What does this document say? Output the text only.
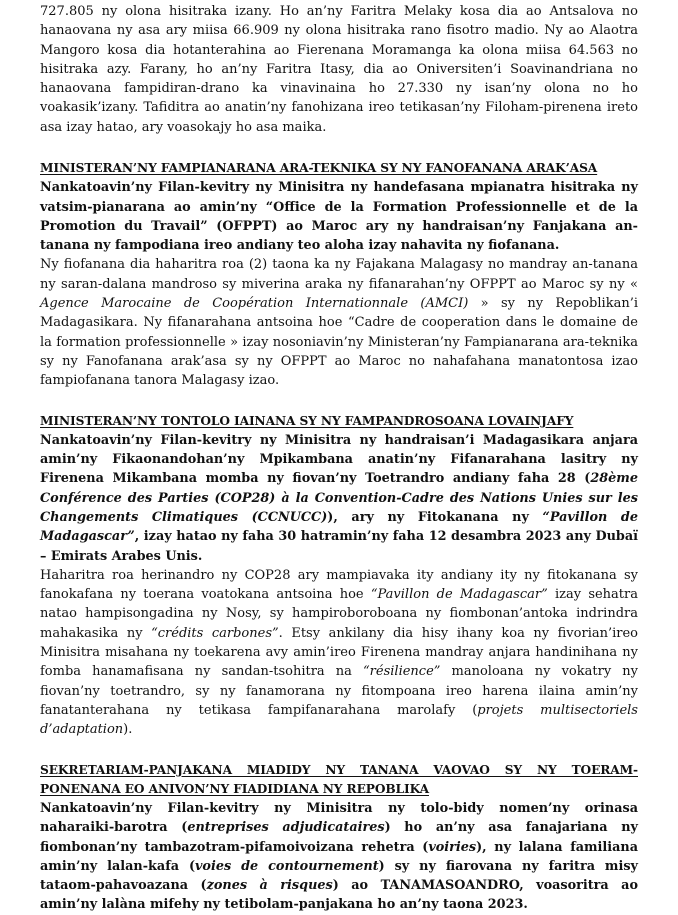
727.805 ny olona hisitraka izany. Ho an’ny Faritra Melaky kosa dia ao Antsalova no hanaovana ny asa ary miisa 66.909 ny olona hisitraka rano fisotro madio. Ny ao Alaotra Mangoro kosa dia hotanterahina ao Fierenana Moramanga ka olona miisa 64.563 no hisitraka azy. Farany, ho an’ny Faritra Itasy, dia ao Oniversiten’i Soavinandriana no hanaovana fampidiran-drano ka vinavinaina ho 27.330 ny isan’ny olona no ho voakasik’izany. Tafiditra ao anatin’ny fanohizana ireo tetikasan’ny Filoham-pirenena ireto asa izay hatao, ary voasokajy ho asa maika.

MINISTERAN’NY FAMPIANARANA ARA-TEKNIKA SY NY FANOFANANA ARAK’ASA

Nankatoavin’ny Filan-kevitry ny Minisitra ny handefasana mpianatra hisitraka ny vatsim-pianarana ao amin’ny “Office de la Formation Professionnelle et de la Promotion du Travail” (OFPPT) ao Maroc ary ny handraisan’ny Fanjakana an-tanana ny fampodiana ireo andiany teo aloha izay nahavita ny fiofanana.

Ny fiofanana dia haharitra roa (2) taona ka ny Fajakana Malagasy no mandray an-tanana ny saran-dalana mandroso sy miverina araka ny fifanarahan’ny OFPPT ao Maroc sy ny « Agence Marocaine de Coopération Internationnale (AMCI) » sy ny Repoblikan’i Madagasikara. Ny fifanarahana antsoina hoe “Cadre de cooperation dans le domaine de la formation professionnelle » izay nosoniavin’ny Ministeran’ny Fampianarana ara-teknika sy ny Fanofanana arak’asa sy ny OFPPT ao Maroc no nahafahana manatontosa izao fampiofanana tanora Malagasy izao.

MINISTERAN’NY TONTOLO IAINANA SY NY FAMPANDROSOANA LOVAINJAFY

Nankatoavin’ny Filan-kevitry ny Minisitra ny handraisan’i Madagasikara anjara amin’ny Fikaonandohan’ny Mpikambana anatin’ny Fifanarahana lasitry ny Firenena Mikambana momba ny fiovan’ny Toetrandro andiany faha 28 (28ème Conférence des Parties (COP28) à la Convention-Cadre des Nations Unies sur les Changements Climatiques (CCNUCC)), ary ny Fitokanana ny “Pavillon de Madagascar”, izay hatao ny faha 30 hatramin’ny faha 12 desambra 2023 any Dubaï – Emirats Arabes Unis.

Haharitra roa herinandro ny COP28 ary mampiavaka ity andiany ity ny fitokanana sy fanokafana ny toerana voatokana antsoina hoe “Pavillon de Madagascar” izay sehatra natao hampisongadina ny Nosy, sy hampiroboroboana ny fiombonan’antoka indrindra mahakasika ny “crédits carbones”. Etsy ankilany dia hisy ihany koa ny fivorian’ireo Minisitra misahana ny toekarena avy amin’ireo Firenena mandray anjara handinihana ny fomba hanamafisana ny sandan-tsohitra na “résilience” manoloana ny vokatry ny fiovan’ny toetrandro, sy ny fanamorana ny fitompoana ireo harena ilaina amin’ny fanatanterahana ny tetikasa fampifanarahana marolafy (projets multisectoriels d’adaptation).

SEKRETARIAM-PANJAKANA MIADIDY NY TANANA VAOVAO SY NY TOERAM-PONENANA EO ANIVON’NY FIADIDIANA NY REPOBLIKA

Nankatoavin’ny Filan-kevitry ny Minisitra ny tolo-bidy nomen’ny orinasa naharaiki-barotra (entreprises adjudicataires) ho an’ny asa fanajariana ny fiombonan’ny tambazotram-pifamoivoizana rehetra (voiries), ny lalana familiana amin’ny lalan-kafa (voies de contournement) sy ny fiarovana ny faritra misy tataom-pahavoazana (zones à risques) ao TANAMASOANDRO, voasoritra ao amin’ny lalàna mifehy ny tetibolam-panjakana ho an’ny taona 2023.
